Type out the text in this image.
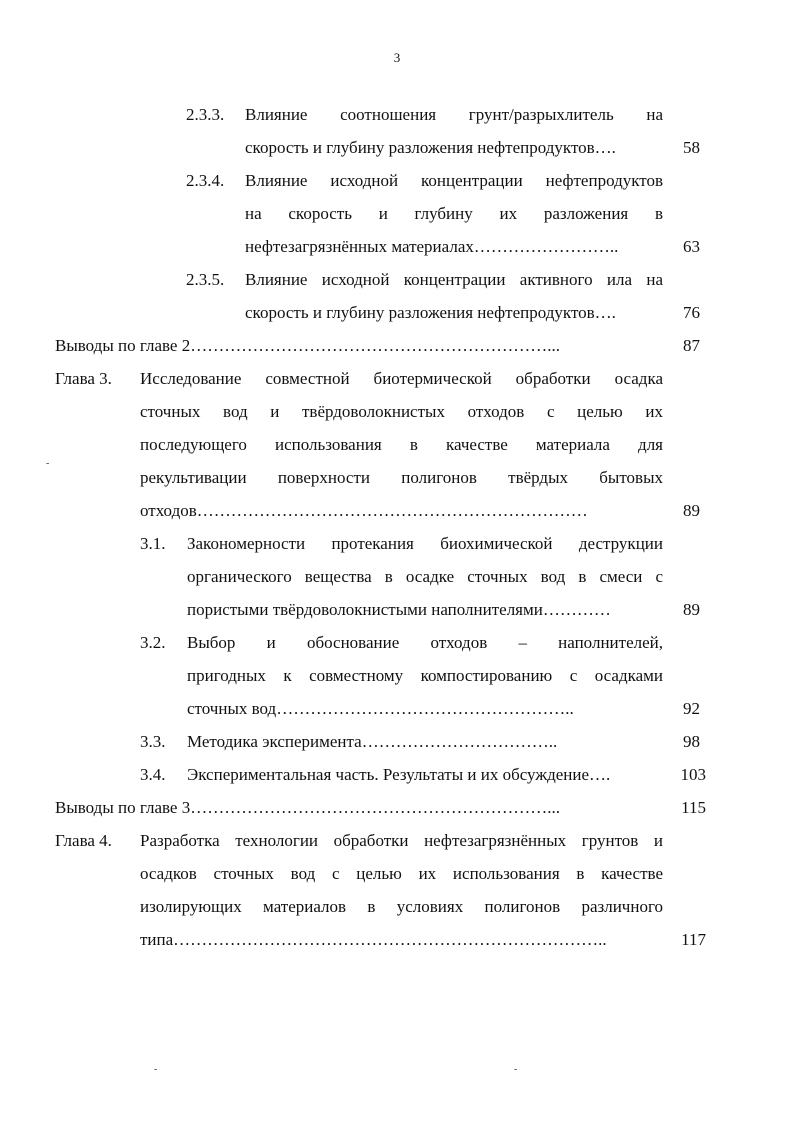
3
2.3.3. Влияние соотношения грунт/разрыхлитель на
скорость и глубину разложения нефтепродуктов….	58
2.3.4. Влияние исходной концентрации нефтепродуктов
на скорость и глубину их разложения в
нефтезагрязнённых материалах……………………..	63
2.3.5. Влияние исходной концентрации активного ила на
скорость и глубину разложения нефтепродуктов….	76
Выводы по главе 2………………………………………………………...	87
Глава 3. Исследование совместной биотермической обработки осадка
сточных вод и твёрдоволокнистых отходов с целью их
последующего использования в качестве материала для
рекультивации поверхности полигонов твёрдых бытовых
отходов……………………………………………………………	89
3.1. Закономерности протекания биохимической деструкции
органического вещества в осадке сточных вод в смеси с
пористыми твёрдоволокнистыми наполнителями…………	89
3.2. Выбор и обоснование отходов – наполнителей,
пригодных к совместному компостированию с осадками
сточных вод……………………………………………..	92
3.3. Методика эксперимента……………………………..	98
3.4. Экспериментальная часть. Результаты и их обсуждение….	103
Выводы по главе 3………………………………………………………...	115
Глава 4. Разработка технологии обработки нефтезагрязнённых грунтов и
осадков сточных вод с целью их использования в качестве
изолирующих материалов в условиях полигонов различного
типа…………………………………………………………………..	117
-
-	-
